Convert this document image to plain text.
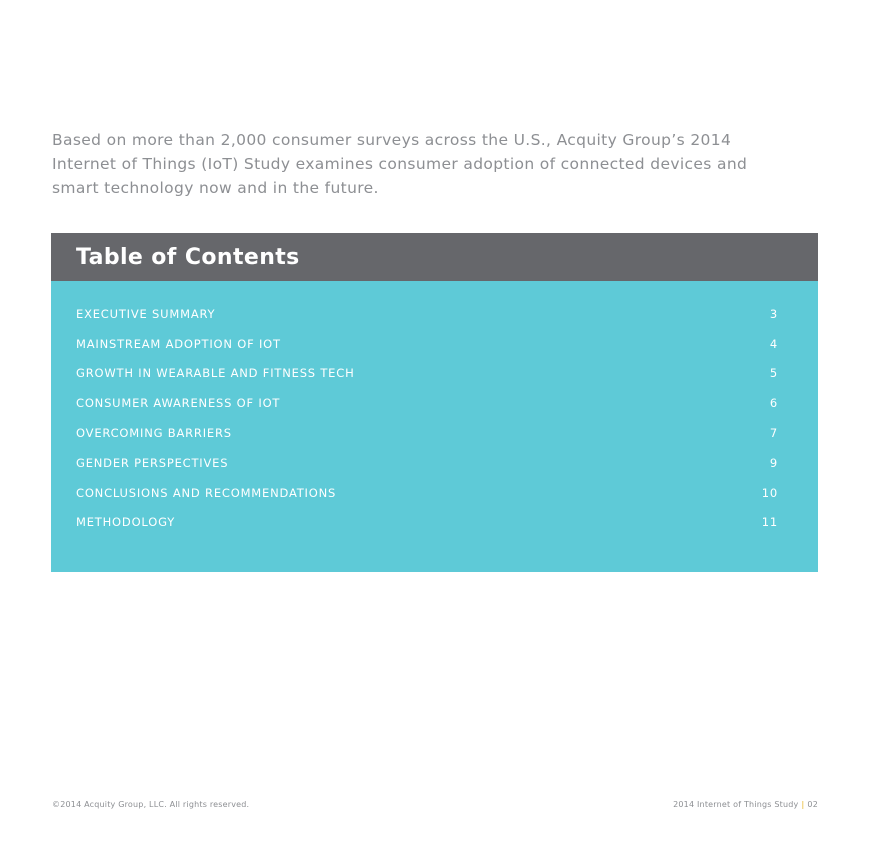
Based on more than 2,000 consumer surveys across the U.S., Acquity Group’s 2014 Internet of Things (IoT) Study examines consumer adoption of connected devices and smart technology now and in the future.

Table of Contents
EXECUTIVE SUMMARY	3
MAINSTREAM ADOPTION OF IOT	4
GROWTH IN WEARABLE AND FITNESS TECH	5
CONSUMER AWARENESS OF IOT	6
OVERCOMING BARRIERS	7
GENDER PERSPECTIVES	9
CONCLUSIONS AND RECOMMENDATIONS	10
METHODOLOGY	11
©2014 Acquity Group, LLC. All rights reserved.	2014 Internet of Things Study | 02
